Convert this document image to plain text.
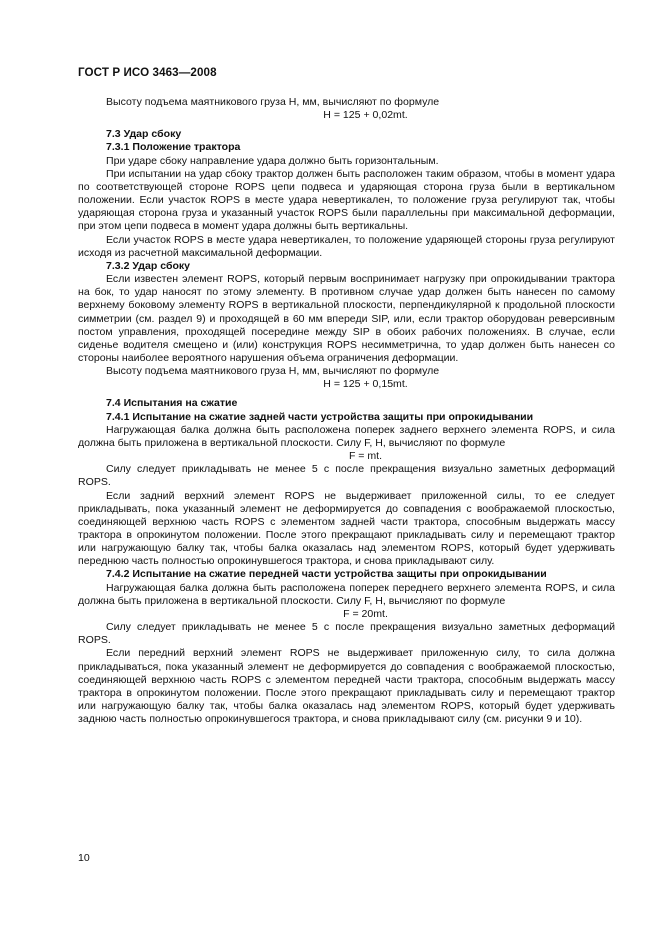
ГОСТ Р ИСО 3463—2008

Высоту подъема маятникового груза H, мм, вычисляют по формуле

H = 125 + 0,02mt.
7.3 Удар сбоку
7.3.1 Положение трактора

При ударе сбоку направление удара должно быть горизонтальным.

При испытании на удар сбоку трактор должен быть расположен таким образом, чтобы в момент удара по соответствующей стороне ROPS цепи подвеса и ударяющая сторона груза были в вертикальном положении. Если участок ROPS в месте удара невертикален, то положение груза регулируют так, чтобы ударяющая сторона груза и указанный участок ROPS были параллельны при максимальной деформации, при этом цепи подвеса в момент удара должны быть вертикальны.

Если участок ROPS в месте удара невертикален, то положение ударяющей стороны груза регулируют исходя из расчетной максимальной деформации.

7.3.2 Удар сбоку

Если известен элемент ROPS, который первым воспринимает нагрузку при опрокидывании трактора на бок, то удар наносят по этому элементу. В противном случае удар должен быть нанесен по самому верхнему боковому элементу ROPS в вертикальной плоскости, перпендикулярной к продольной плоскости симметрии (см. раздел 9) и проходящей в 60 мм впереди SIP, или, если трактор оборудован реверсивным постом управления, проходящей посередине между SIP в обоих рабочих положениях. В случае, если сиденье водителя смещено и (или) конструкция ROPS несимметрична, то удар должен быть нанесен со стороны наиболее вероятного нарушения объема ограничения деформации.

Высоту подъема маятникового груза H, мм, вычисляют по формуле

H = 125 + 0,15mt.
7.4 Испытания на сжатие
7.4.1 Испытание на сжатие задней части устройства защиты при опрокидывании

Нагружающая балка должна быть расположена поперек заднего верхнего элемента ROPS, и сила должна быть приложена в вертикальной плоскости. Силу F, Н, вычисляют по формуле

F = mt.

Силу следует прикладывать не менее 5 с после прекращения визуально заметных деформаций ROPS.

Если задний верхний элемент ROPS не выдерживает приложенной силы, то ее следует прикладывать, пока указанный элемент не деформируется до совпадения с воображаемой плоскостью, соединяющей верхнюю часть ROPS с элементом задней части трактора, способным выдержать массу трактора в опрокинутом положении. После этого прекращают прикладывать силу и перемещают трактор или нагружающую балку так, чтобы балка оказалась над элементом ROPS, который будет удерживать переднюю часть полностью опрокинувшегося трактора, и снова прикладывают силу.

7.4.2 Испытание на сжатие передней части устройства защиты при опрокидывании

Нагружающая балка должна быть расположена поперек переднего верхнего элемента ROPS, и сила должна быть приложена в вертикальной плоскости. Силу F, Н, вычисляют по формуле

F = 20mt.

Силу следует прикладывать не менее 5 с после прекращения визуально заметных деформаций ROPS.

Если передний верхний элемент ROPS не выдерживает приложенную силу, то сила должна прикладываться, пока указанный элемент не деформируется до совпадения с воображаемой плоскостью, соединяющей верхнюю часть ROPS с элементом передней части трактора, способным выдержать массу трактора в опрокинутом положении. После этого прекращают прикладывать силу и перемещают трактор или нагружающую балку так, чтобы балка оказалась над элементом ROPS, который будет удерживать заднюю часть полностью опрокинувшегося трактора, и снова прикладывают силу (см. рисунки 9 и 10).

10
